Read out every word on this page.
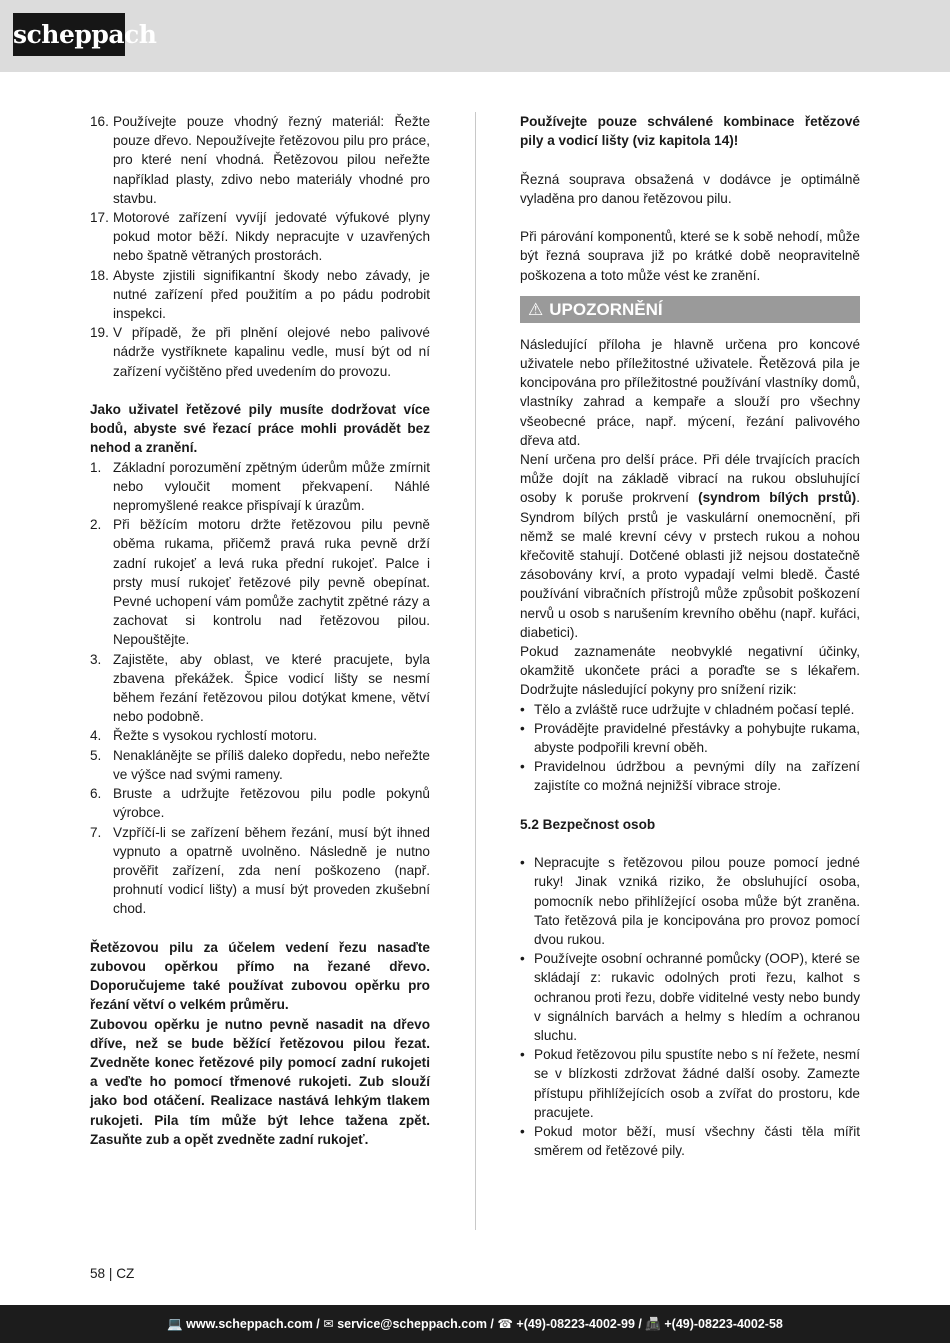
scheppach
16. Používejte pouze vhodný řezný materiál: Řežte pouze dřevo. Nepoužívejte řetězovou pilu pro práce, pro které není vhodná. Řetězovou pilou neřežte například plasty, zdivo nebo materiály vhodné pro stavbu.
17. Motorové zařízení vyvíjí jedovaté výfukové plyny pokud motor běží. Nikdy nepracujte v uzavřených nebo špatně větraných prostorách.
18. Abyste zjistili signifikantní škody nebo závady, je nutné zařízení před použitím a po pádu podrobit inspekci.
19. V případě, že při plnění olejové nebo palivové nádrže vystříknete kapalinu vedle, musí být od ní zařízení vyčištěno před uvedením do provozu.

Jako uživatel řetězové pily musíte dodržovat více bodů, abyste své řezací práce mohli provádět bez nehod a zranění.

1. Základní porozumění zpětným úderům může zmírnit nebo vyloučit moment překvapení. Náhlé nepromyšlené reakce přispívají k úrazům.
2. Při běžícím motoru držte řetězovou pilu pevně oběma rukama, přičemž pravá ruka pevně drží zadní rukojeť a levá ruka přední rukojeť. Palce i prsty musí rukojeť řetězové pily pevně obepínat. Pevné uchopení vám pomůže zachytit zpětné rázy a zachovat si kontrolu nad řetězovou pilou. Nepouštějte.
3. Zajistěte, aby oblast, ve které pracujete, byla zbavena překážek. Špice vodicí lišty se nesmí během řezání řetězovou pilou dotýkat kmene, větví nebo podobně.
4. Řežte s vysokou rychlostí motoru.
5. Nenaklánějte se příliš daleko dopředu, nebo neřežte ve výšce nad svými rameny.
6. Bruste a udržujte řetězovou pilu podle pokynů výrobce.
7. Vzpříčí-li se zařízení během řezání, musí být ihned vypnuto a opatrně uvolněno. Následně je nutno prověřit zařízení, zda není poškozeno (např. prohnutí vodicí lišty) a musí být proveden zkušební chod.

Řetězovou pilu za účelem vedení řezu nasaďte zubovou opěrkou přímo na řezané dřevo. Doporučujeme také používat zubovou opěrku pro řezání větví o velkém průměru.

Zubovou opěrku je nutno pevně nasadit na dřevo dříve, než se bude běžící řetězovou pilou řezat. Zvedněte konec řetězové pily pomocí zadní rukojeti a veďte ho pomocí třmenové rukojeti. Zub slouží jako bod otáčení. Realizace nastává lehkým tlakem rukojeti. Pila tím může být lehce tažena zpět. Zasuňte zub a opět zvedněte zadní rukojeť.

Používejte pouze schválené kombinace řetězové pily a vodicí lišty (viz kapitola 14)!

Řezná souprava obsažená v dodávce je optimálně vyladěna pro danou řetězovou pilu.

Při párování komponentů, které se k sobě nehodí, může být řezná souprava již po krátké době neopravitelně poškozena a toto může vést ke zranění.

⚠ UPOZORNĚNÍ

Následující příloha je hlavně určena pro koncové uživatele nebo příležitostné uživatele. Řetězová pila je koncipována pro příležitostné používání vlastníky domů, vlastníky zahrad a kempaře a slouží pro všechny všeobecné práce, např. mýcení, řezání palivového dřeva atd.

Není určena pro delší práce. Při déle trvajících pracích může dojít na základě vibrací na rukou obsluhující osoby k poruše prokrvení (syndrom bílých prstů). Syndrom bílých prstů je vaskulární onemocnění, při němž se malé krevní cévy v prstech rukou a nohou křečovitě stahují. Dotčené oblasti již nejsou dostatečně zásobovány krví, a proto vypadají velmi bledě. Časté používání vibračních přístrojů může způsobit poškození nervů u osob s narušením krevního oběhu (např. kuřáci, diabetici).

Pokud zaznamenáte neobvyklé negativní účinky, okamžitě ukončete práci a poraďte se s lékařem. Dodržujte následující pokyny pro snížení rizik:

• Tělo a zvláště ruce udržujte v chladném počasí teplé.
• Provádějte pravidelné přestávky a pohybujte rukama, abyste podpořili krevní oběh.
• Pravidelnou údržbou a pevnými díly na zařízení zajistíte co možná nejnižší vibrace stroje.

5.2 Bezpečnost osob

• Nepracujte s řetězovou pilou pouze pomocí jedné ruky! Jinak vzniká riziko, že obsluhující osoba, pomocník nebo přihlížející osoba může být zraněna. Tato řetězová pila je koncipována pro provoz pomocí dvou rukou.
• Používejte osobní ochranné pomůcky (OOP), které se skládají z: rukavic odolných proti řezu, kalhot s ochranou proti řezu, dobře viditelné vesty nebo bundy v signálních barvách a helmy s hledím a ochranou sluchu.
• Pokud řetězovou pilu spustíte nebo s ní řežete, nesmí se v blízkosti zdržovat žádné další osoby. Zamezte přístupu přihlížejících osob a zvířat do prostoru, kde pracujete.
• Pokud motor běží, musí všechny části těla mířit směrem od řetězové pily.
58 | CZ
💻 www.scheppach.com / ✉ service@scheppach.com / ☎ +(49)-08223-4002-99 / 📠 +(49)-08223-4002-58
